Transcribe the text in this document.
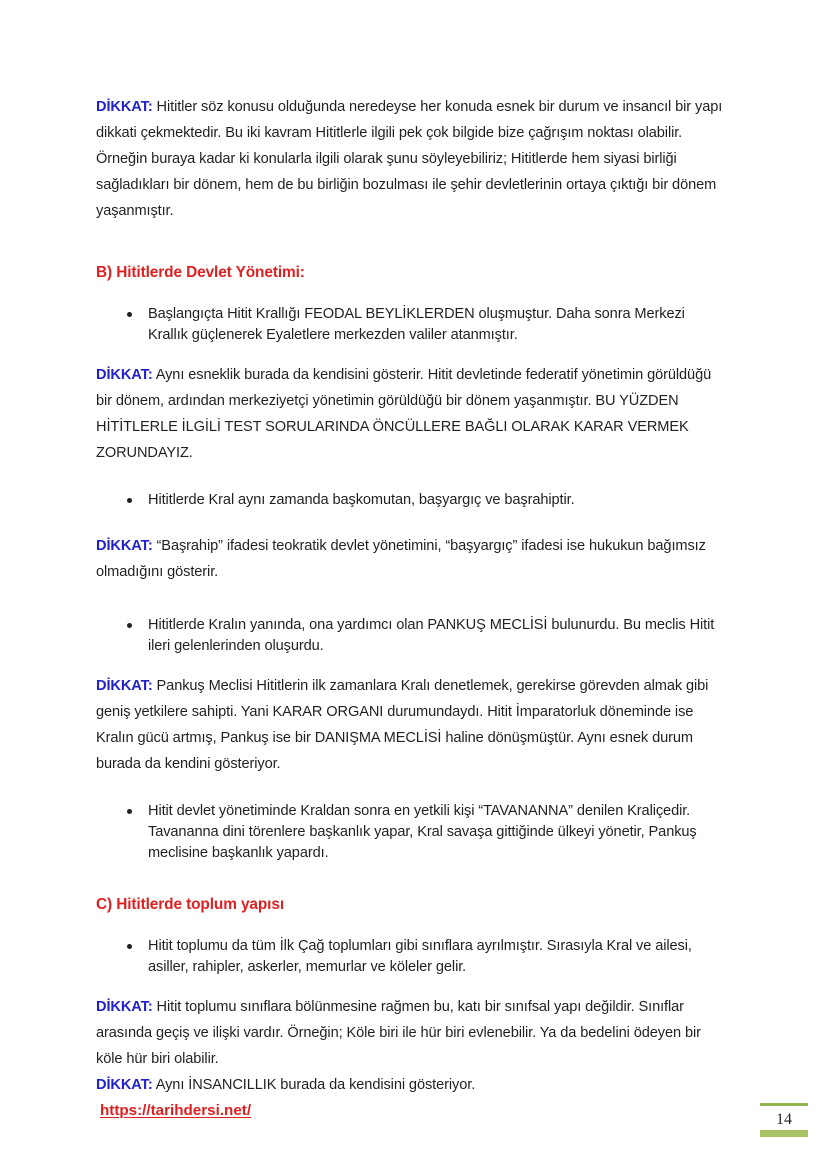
DİKKAT: Hititler söz konusu olduğunda neredeyse her konuda esnek bir durum ve insancıl bir yapı dikkati çekmektedir. Bu iki kavram Hititlerle ilgili pek çok bilgide bize çağrışım noktası olabilir. Örneğin buraya kadar ki konularla ilgili olarak şunu söyleyebiliriz; Hititlerde hem siyasi birliği sağladıkları bir dönem, hem de bu birliğin bozulması ile şehir devletlerinin ortaya çıktığı bir dönem yaşanmıştır.

B) Hititlerde Devlet Yönetimi:
Başlangıçta Hitit Krallığı FEODAL BEYLİKLERDEN oluşmuştur. Daha sonra Merkezi Krallık güçlenerek Eyaletlere merkezden valiler atanmıştır.

DİKKAT: Aynı esneklik burada da kendisini gösterir. Hitit devletinde federatif yönetimin görüldüğü bir dönem, ardından merkeziyetçi yönetimin görüldüğü bir dönem yaşanmıştır. BU YÜZDEN HİTİTLERLE İLGİLİ TEST SORULARINDA ÖNCÜLLERE BAĞLI OLARAK KARAR VERMEK ZORUNDAYIZ.

Hititlerde Kral aynı zamanda başkomutan, başyargıç ve başrahiptir.

DİKKAT: “Başrahip” ifadesi teokratik devlet yönetimini, “başyargıç” ifadesi ise hukukun bağımsız olmadığını gösterir.

Hititlerde Kralın yanında, ona yardımcı olan PANKUŞ MECLİSİ bulunurdu. Bu meclis Hitit ileri gelenlerinden oluşurdu.

DİKKAT: Pankuş Meclisi Hititlerin ilk zamanlara Kralı denetlemek, gerekirse görevden almak gibi geniş yetkilere sahipti. Yani KARAR ORGANI durumundaydı. Hitit İmparatorluk döneminde ise Kralın gücü artmış, Pankuş ise bir DANIŞMA MECLİSİ haline dönüşmüştür. Aynı esnek durum burada da kendini gösteriyor.

Hitit devlet yönetiminde Kraldan sonra en yetkili kişi “TAVANANNA” denilen Kraliçedir. Tavananna dini törenlere başkanlık yapar, Kral savaşa gittiğinde ülkeyi yönetir, Pankuş meclisine başkanlık yapardı.
C) Hititlerde toplum yapısı
Hitit toplumu da tüm İlk Çağ toplumları gibi sınıflara ayrılmıştır. Sırasıyla Kral ve ailesi, asiller, rahipler, askerler, memurlar ve köleler gelir.

DİKKAT: Hitit toplumu sınıflara bölünmesine rağmen bu, katı bir sınıfsal yapı değildir. Sınıflar arasında geçiş ve ilişki vardır. Örneğin; Köle biri ile hür biri evlenebilir. Ya da bedelini ödeyen bir köle hür biri olabilir.

DİKKAT: Aynı İNSANCILLIK burada da kendisini gösteriyor.

https://tarihdersi.net/
14
